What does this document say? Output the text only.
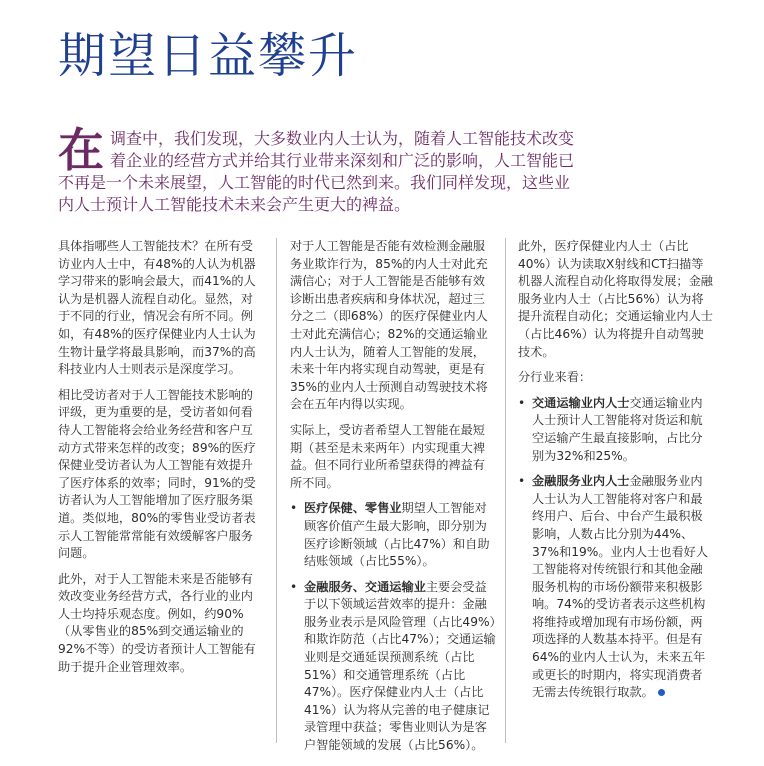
期望日益攀升
在 调查中，我们发现，大多数业内人士认为，随着人工智能技术改变着企业的经营方式并给其行业带来深刻和广泛的影响，人工智能已不再是一个未来展望，人工智能的时代已然到来。我们同样发现，这些业内人士预计人工智能技术未来会产生更大的裨益。

具体指哪些人工智能技术？在所有受访业内人士中，有48%的人认为机器学习带来的影响会最大，而41%的人认为是机器人流程自动化。显然，对于不同的行业，情况会有所不同。例如，有48%的医疗保健业内人士认为生物计量学将最具影响，而37%的高科技业内人士则表示是深度学习。

相比受访者对于人工智能技术影响的评级，更为重要的是，受访者如何看待人工智能将会给业务经营和客户互动方式带来怎样的改变；89%的医疗保健业受访者认为人工智能有效提升了医疗体系的效率；同时，91%的受访者认为人工智能增加了医疗服务渠道。类似地，80%的零售业受访者表示人工智能常常能有效缓解客户服务问题。

此外，对于人工智能未来是否能够有效改变业务经营方式，各行业的业内人士均持乐观态度。例如，约90%（从零售业的85%到交通运输业的92%不等）的受访者预计人工智能有助于提升企业管理效率。

对于人工智能是否能有效检测金融服务业欺诈行为，85%的内人士对此充满信心；对于人工智能是否能够有效诊断出患者疾病和身体状况，超过三分之二（即68%）的医疗保健业内人士对此充满信心；82%的交通运输业内人士认为，随着人工智能的发展，未来十年内将实现自动驾驶，更是有35%的业内人士预测自动驾驶技术将会在五年内得以实现。

实际上，受访者希望人工智能在最短期（甚至是未来两年）内实现重大裨益。但不同行业所希望获得的裨益有所不同。

• 医疗保健、零售业期望人工智能对顾客价值产生最大影响，即分别为医疗诊断领域（占比47%）和自助结账领域（占比55%）。
• 金融服务、交通运输业主要会受益于以下领域运营效率的提升：金融服务业表示是风险管理（占比49%）和欺诈防范（占比47%）；交通运输业则是交通延误预测系统（占比51%）和交通管理系统（占比47%）。医疗保健业内人士（占比41%）认为将从完善的电子健康记录管理中获益；零售业则认为是客户智能领域的发展（占比56%）。

此外，医疗保健业内人士（占比40%）认为读取X射线和CT扫描等机器人流程自动化将取得发展；金融服务业内人士（占比56%）认为将提升流程自动化；交通运输业内人士（占比46%）认为将提升自动驾驶技术。

分行业来看：

• 交通运输业内人士交通运输业内人士预计人工智能将对货运和航空运输产生最直接影响，占比分别为32%和25%。
• 金融服务业内人士金融服务业内人士认为人工智能将对客户和最终用户、后台、中台产生最积极影响，人数占比分别为44%、37%和19%。业内人士也看好人工智能将对传统银行和其他金融服务机构的市场份额带来积极影响。74%的受访者表示这些机构将维持或增加现有市场份额，两项选择的人数基本持平。但是有64%的业内人士认为，未来五年或更长的时期内，将实现消费者无需去传统银行取款。
